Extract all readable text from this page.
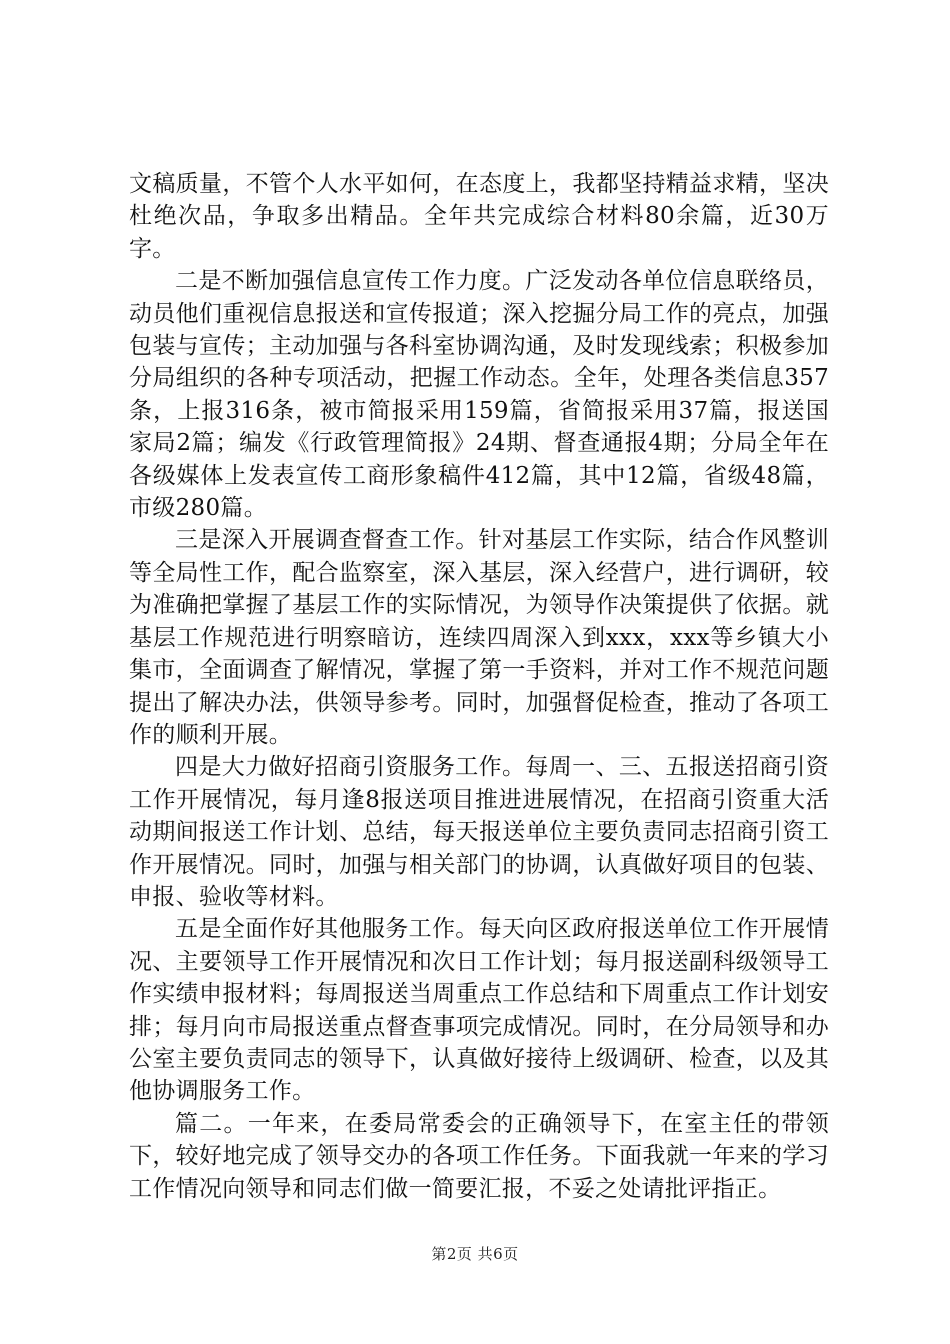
文稿质量，不管个人水平如何，在态度上，我都坚持精益求精，坚决杜绝次品，争取多出精品。全年共完成综合材料80余篇，近30万字。

二是不断加强信息宣传工作力度。广泛发动各单位信息联络员，动员他们重视信息报送和宣传报道；深入挖掘分局工作的亮点，加强包装与宣传；主动加强与各科室协调沟通，及时发现线索；积极参加分局组织的各种专项活动，把握工作动态。全年，处理各类信息357条，上报316条，被市简报采用159篇，省简报采用37篇，报送国家局2篇；编发《行政管理简报》24期、督查通报4期；分局全年在各级媒体上发表宣传工商形象稿件412篇，其中12篇，省级48篇，市级280篇。

三是深入开展调查督查工作。针对基层工作实际，结合作风整训等全局性工作，配合监察室，深入基层，深入经营户，进行调研，较为准确把掌握了基层工作的实际情况，为领导作决策提供了依据。就基层工作规范进行明察暗访，连续四周深入到xxx，xxx等乡镇大小集市，全面调查了解情况，掌握了第一手资料，并对工作不规范问题提出了解决办法，供领导参考。同时，加强督促检查，推动了各项工作的顺利开展。

四是大力做好招商引资服务工作。每周一、三、五报送招商引资工作开展情况，每月逢8报送项目推进进展情况，在招商引资重大活动期间报送工作计划、总结，每天报送单位主要负责同志招商引资工作开展情况。同时，加强与相关部门的协调，认真做好项目的包装、申报、验收等材料。

五是全面作好其他服务工作。每天向区政府报送单位工作开展情况、主要领导工作开展情况和次日工作计划；每月报送副科级领导工作实绩申报材料；每周报送当周重点工作总结和下周重点工作计划安排；每月向市局报送重点督查事项完成情况。同时，在分局领导和办公室主要负责同志的领导下，认真做好接待上级调研、检查，以及其他协调服务工作。

篇二。一年来，在委局常委会的正确领导下，在室主任的带领下，较好地完成了领导交办的各项工作任务。下面我就一年来的学习工作情况向领导和同志们做一简要汇报，不妥之处请批评指正。

第2页 共6页
